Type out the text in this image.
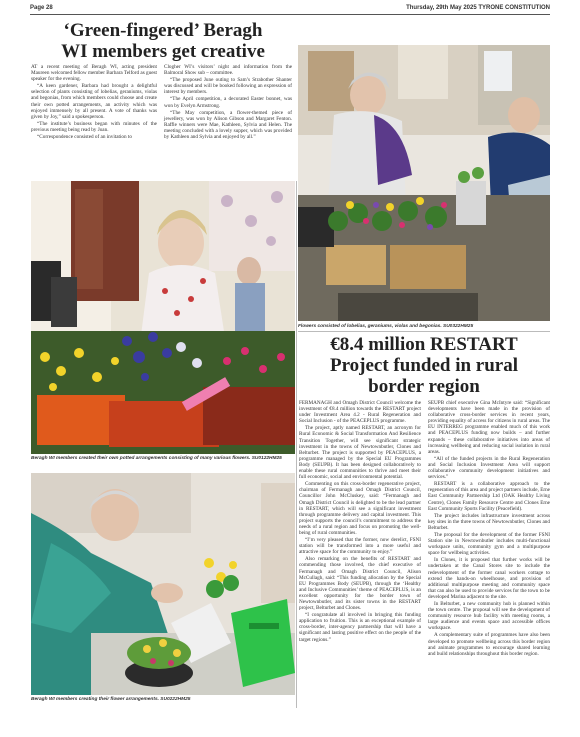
Page 28	Thursday, 29th May 2025 TYRONE CONSTITUTION
‘Green-fingered’ Beragh
WI members get creative

AT a recent meeting of Beragh WI, acting president Maureen welcomed fellow member Barbara Telford as guest speaker for the evening.

“A keen gardener, Barbara had brought a delightful selection of plants consisting of lobelias, geraniums, violas and begonias, from which members could choose and create their own potted arrangements, an activity which was enjoyed immensely by all present. A vote of thanks was given by Joy,” said a spokesperson.

“The institute’s business began with minutes of the previous meeting being read by Joan.

“Correspondence consisted of an invitation to

Clogher WI’s visitors’ night and information from the Balmoral Show sub – committee.

“The proposed June outing to Sam’s Strabother Shanter was discussed and will be booked following an expression of interest by members.

“The April competition, a decorated Easter bonnet, was won by Evelyn Armstrong.

“The May competition, a flower-themed piece of jewellery, was won by Alison Gibson and Margaret Fenton. Raffle winners were Mae, Kathleen, Sylvia and Helen. The meeting concluded with a lovely supper, which was provided by Kathleen and Sylvia and enjoyed by all.”

Beragh WI members created their own potted arrangements consisting of many various flowers. SU0122HM25
Beragh WI members creating their flower arrangements. SU0222HM25
Flowers consisted of lobelias, geraniums, violas and begonias. SU0322HM25
€8.4 million RESTART
Project funded in rural
border region

FERMANAGH and Omagh District Council welcome the investment of €8.4 million towards the RESTART project under Investment Area 4.2 - Rural Regeneration and Social Inclusion - of the PEACEPLUS programme.

The project, aptly named RESTART, an acronym for Rural Economic & Social Transformation And Resilience Transition Together, will see significant strategic investment in the towns of Newtownbutler, Clones and Belturbet. The project is supported by PEACEPLUS, a programme managed by the Special EU Programmes Body (SEUPB). It has been designed collaboratively to enable these rural communities to thrive and meet their full economic, social and environmental potential.

Commenting on this cross-border regenerative project, chairman of Fermanagh and Omagh District Council, Councillor John McCluskey, said: “Fermanagh and Omagh District Council is delighted to be the lead partner in RESTART, which will see a significant investment through programme delivery and capital investment. This project supports the council’s commitment to address the needs of a rural region and focus on promoting the well-being of rural communities.

“I’m very pleased that the former, now derelict, FSNI station will be transformed into a more useful and attractive space for the community to enjoy.”

Also remarking on the benefits of RESTART and commending those involved, the chief executive of Fermanagh and Omagh District Council, Alison McCullagh, said: “This funding allocation by the Special EU Programmes Body (SEUPB), through the ‘Healthy and Inclusive Communities’ theme of PEACEPLUS, is an excellent opportunity for the border town of Newtownbutler, and its sister towns in the RESTART project, Belturbet and Clones.

“I congratulate all involved in bringing this funding application to fruition. This is an exceptional example of cross-border, inter-agency partnership that will have a significant and lasting positive effect on the people of the target regions.”

SEUPB chief executive Gina McIntyre said: “Significant developments have been made in the provision of collaborative cross-border services in recent years, providing equality of access for citizens in rural areas. The EU INTERREG programme enabled much of this work and PEACEPLUS funding now builds – and further expands – these collaborative initiatives into areas of increasing wellbeing and reducing social isolation in rural areas.

“All of the funded projects in the Rural Regeneration and Social Inclusion Investment Area will support collaborative community development initiatives and services.”

RESTART is a collaborative approach to the regeneration of this area and project partners include, Erne East Community Partnership Ltd (OAK Healthy Living Centre), Clones Family Resource Centre and Clones Erne East Community Sports Facility (Peacefield).

The project includes infrastructure investment across key sites in the three towns of Newtownbutler, Clones and Belturbet.

The proposal for the development of the former FSNI Station site in Newtownbutler includes multi-functional workspace units, community gym and a multipurpose space for wellbeing activities.

In Clones, it is proposed that further works will be undertaken at the Canal Stores site to include the redevelopment of the former canal workers cottage to extend the hands-on wheelhouse, and provision of additional multipurpose meeting and community space that can also be used to provide services for the town to be developed Marina adjacent to the site.

In Belturbet, a new community hub is planned within the town centre. The proposal will see the development of community resource hub facility with meeting rooms, a large audience and events space and accessible offices workspace.

A complementary suite of programmes have also been developed to promote wellbeing across this border region and animate programmes to encourage shared learning and build relationships throughout this border region.
